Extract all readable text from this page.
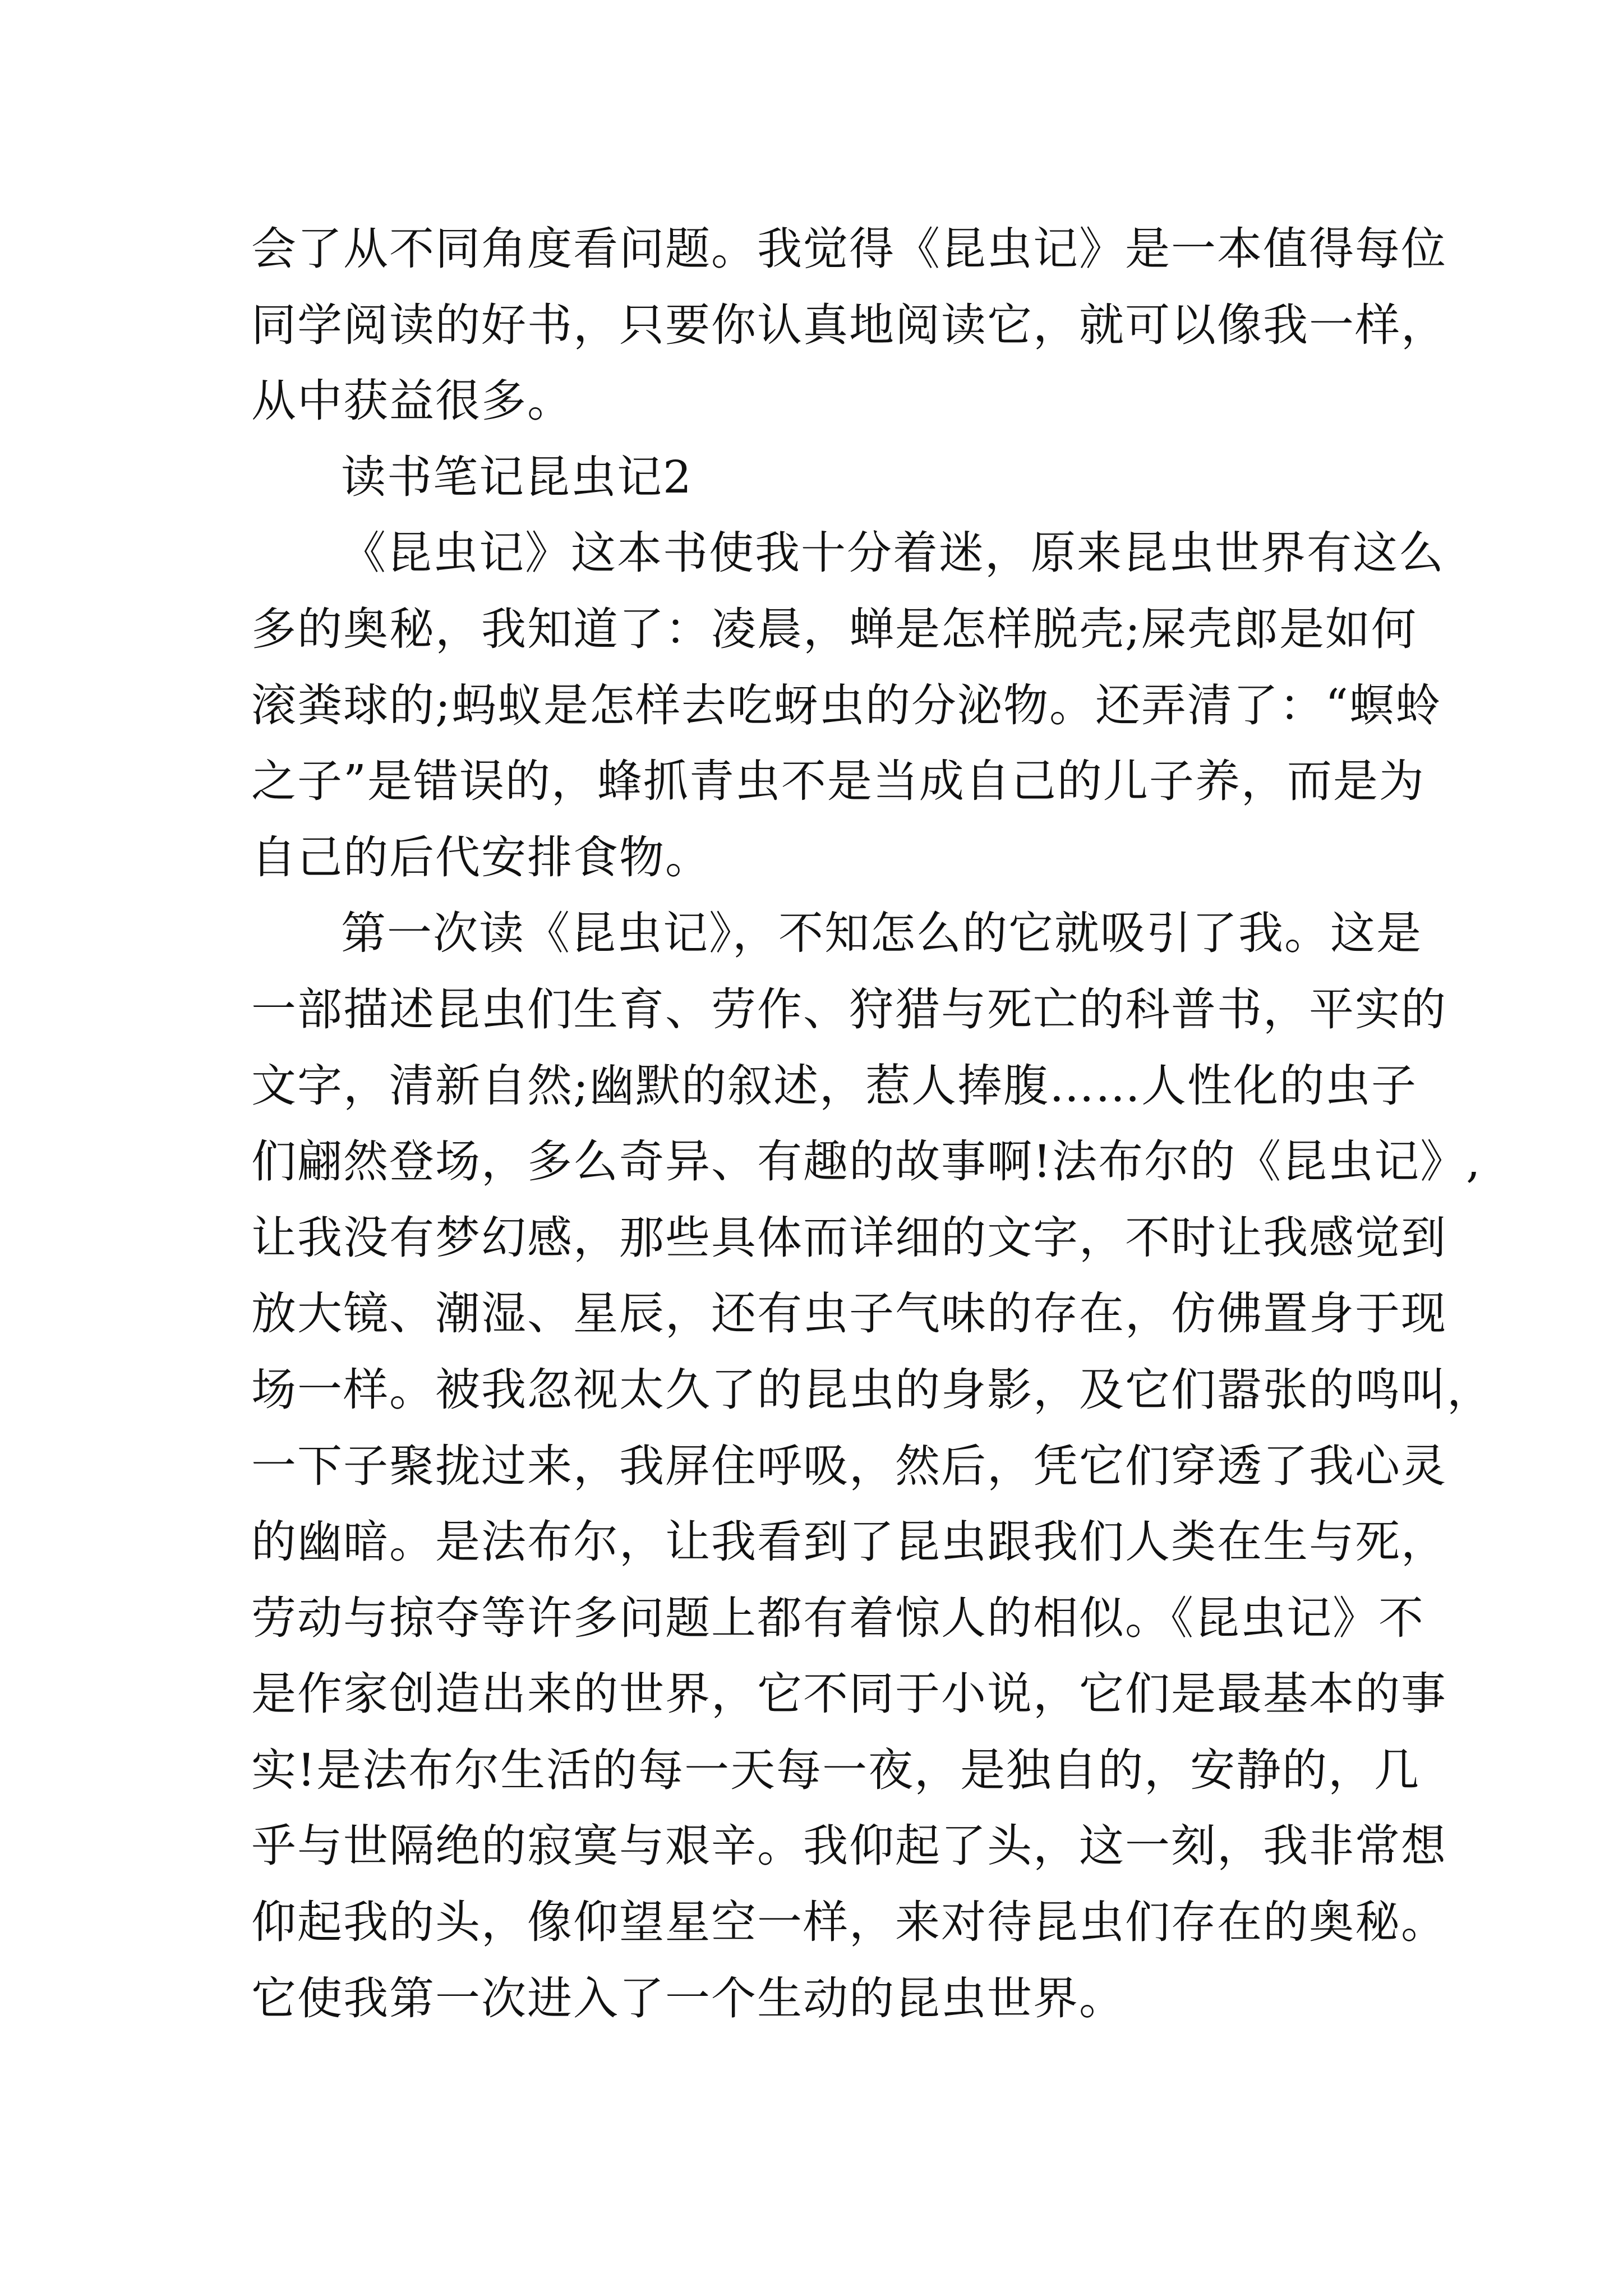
会了从不同角度看问题。我觉得《昆虫记》是一本值得每位
同学阅读的好书，只要你认真地阅读它，就可以像我一样，
从中获益很多。
读书笔记昆虫记2
《昆虫记》这本书使我十分着迷，原来昆虫世界有这么
多的奥秘，我知道了：凌晨，蝉是怎样脱壳;屎壳郎是如何
滚粪球的;蚂蚁是怎样去吃蚜虫的分泌物。还弄清了：“螟蛉
之子”是错误的，蜂抓青虫不是当成自己的儿子养，而是为
自己的后代安排食物。
第一次读《昆虫记》，不知怎么的它就吸引了我。这是
一部描述昆虫们生育、劳作、狩猎与死亡的科普书，平实的
文字，清新自然;幽默的叙述，惹人捧腹……人性化的虫子
们翩然登场，多么奇异、有趣的故事啊!法布尔的《昆虫记》,
让我没有梦幻感，那些具体而详细的文字，不时让我感觉到
放大镜、潮湿、星辰，还有虫子气味的存在，仿佛置身于现
场一样。被我忽视太久了的昆虫的身影，及它们嚣张的鸣叫，
一下子聚拢过来，我屏住呼吸，然后，凭它们穿透了我心灵
的幽暗。是法布尔，让我看到了昆虫跟我们人类在生与死，
劳动与掠夺等许多问题上都有着惊人的相似。《昆虫记》不
是作家创造出来的世界，它不同于小说，它们是最基本的事
实!是法布尔生活的每一天每一夜，是独自的，安静的，几
乎与世隔绝的寂寞与艰辛。我仰起了头，这一刻，我非常想
仰起我的头，像仰望星空一样，来对待昆虫们存在的奥秘。
它使我第一次进入了一个生动的昆虫世界。
